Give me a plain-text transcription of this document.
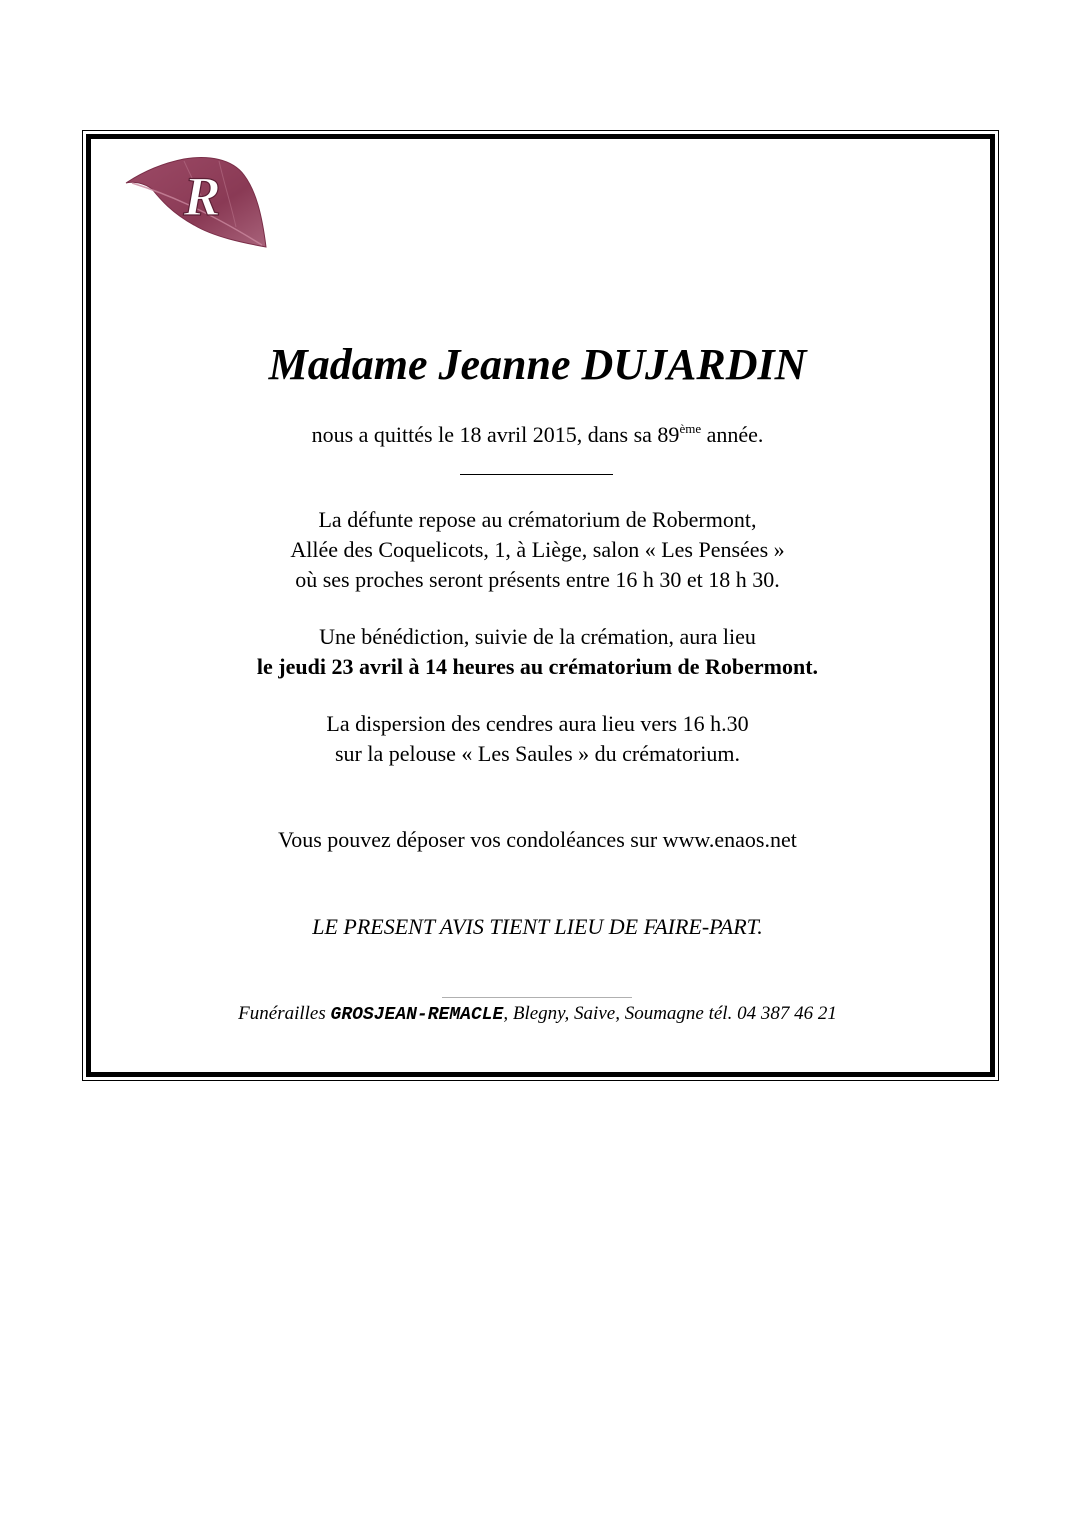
R
Madame Jeanne DUJARDIN
nous a quittés le 18 avril 2015, dans sa 89ème année.
La défunte repose au crématorium de Robermont,
Allée des Coquelicots, 1, à Liège, salon « Les Pensées »
où ses proches seront présents entre 16 h 30 et 18 h 30.
Une bénédiction, suivie de la crémation, aura lieu
le jeudi 23 avril à 14 heures au crématorium de Robermont.
La dispersion des cendres aura lieu vers 16 h.30
sur la pelouse « Les Saules » du crématorium.
Vous pouvez déposer vos condoléances sur www.enaos.net
LE PRESENT AVIS TIENT LIEU DE FAIRE-PART.
Funérailles GROSJEAN-REMACLE, Blegny, Saive, Soumagne tél. 04 387 46 21
